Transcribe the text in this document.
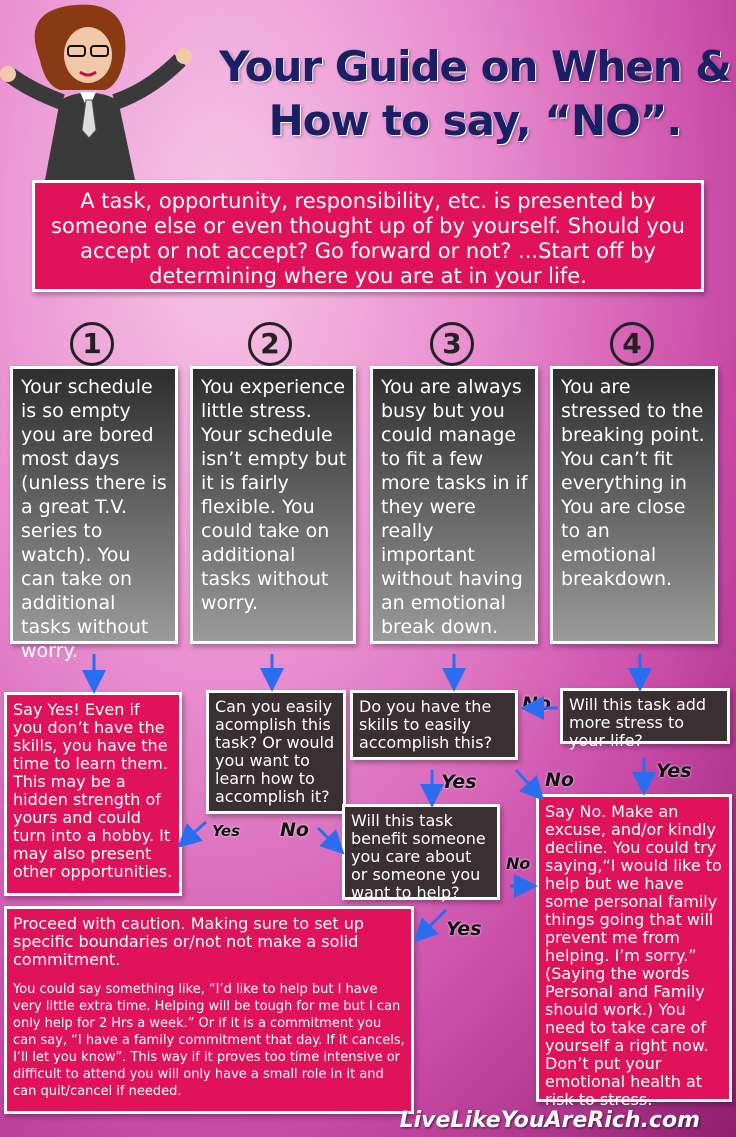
Your Guide on When & How to say, “NO”.
A task, opportunity, responsibility, etc. is presented by someone else or even thought up of by yourself. Should you accept or not accept? Go forward or not? ...Start off by determining where you are at in your life.
1	2	3	4
Your schedule is so empty you are bored most days (unless there is a great T.V. series to watch). You can take on additional tasks without worry.
You experience little stress. Your schedule isn’t empty but it is fairly flexible. You could take on additional tasks without worry.
You are always busy but you could manage to fit a few more tasks in if they were really important without having an emotional break down.
You are stressed to the breaking point. You can’t fit everything in You are close to an emotional breakdown.
Say Yes! Even if you don’t have the skills, you have the time to learn them. This may be a hidden strength of yours and could turn into a hobby. It may also present other opportunities.
Can you easily acomplish this task? Or would you want to learn how to accomplish it?
Do you have the skills to easily accomplish this?
Will this task add more stress to your life?
Will this task benefit someone you care about or someone you want to help?
Say No. Make an excuse, and/or kindly decline. You could try saying,“I would like to help but we have some personal family things going that will prevent me from helping. I’m sorry.” (Saying the words Personal and Family should work.) You need to take care of yourself a right now. Don’t put your emotional health at risk to stress.
Proceed with caution. Making sure to set up specific boundaries or/not not make a solid commitment.
You could say something like, “I’d like to help but I have very little extra time. Helping will be tough for me but I can only help for 2 Hrs a week.” Or if it is a commitment you can say, “I have a family commitment that day. If it cancels, I’ll let you know”. This way if it proves too time intensive or difficult to attend you will only have a small role in it and can quit/cancel if needed.
No
Yes
Yes	No
Yes No
No
Yes
LiveLikeYouAreRich.com
